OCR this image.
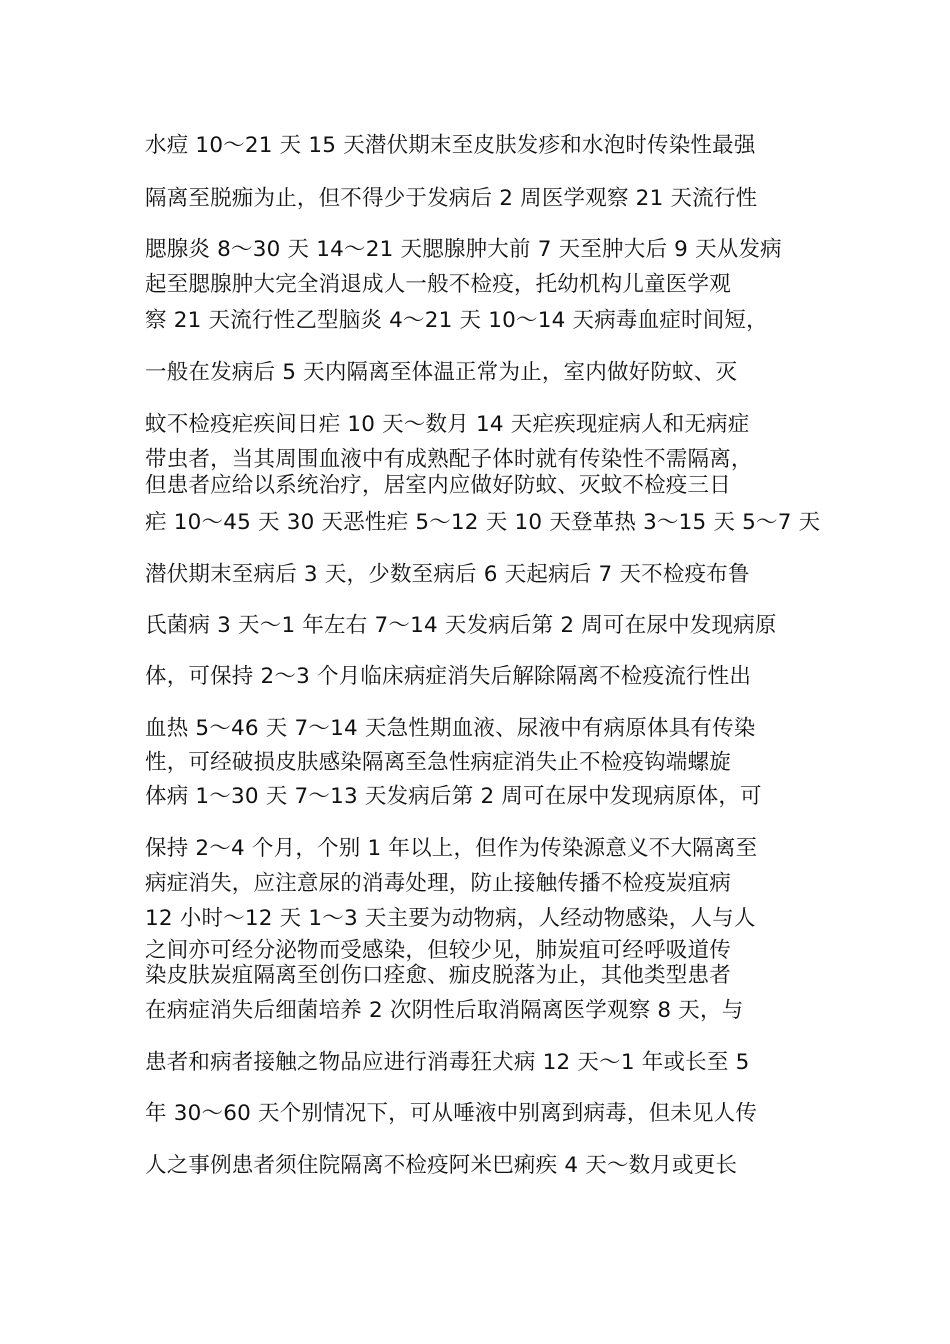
水痘 10～21 天 15 天潜伏期末至皮肤发疹和水泡时传染性最强
隔离至脱痂为止，但不得少于发病后 2 周医学观察 21 天流行性
腮腺炎 8～30 天 14～21 天腮腺肿大前 7 天至肿大后 9 天从发病
起至腮腺肿大完全消退成人一般不检疫，托幼机构儿童医学观
察 21 天流行性乙型脑炎 4～21 天 10～14 天病毒血症时间短，
一般在发病后 5 天内隔离至体温正常为止，室内做好防蚊、灭
蚊不检疫疟疾间日疟 10 天～数月 14 天疟疾现症病人和无病症
带虫者，当其周围血液中有成熟配子体时就有传染性不需隔离，
但患者应给以系统治疗，居室内应做好防蚊、灭蚊不检疫三日
疟 10～45 天 30 天恶性疟 5～12 天 10 天登革热 3～15 天 5～7 天
潜伏期末至病后 3 天，少数至病后 6 天起病后 7 天不检疫布鲁
氏菌病 3 天～1 年左右 7～14 天发病后第 2 周可在尿中发现病原
体，可保持 2～3 个月临床病症消失后解除隔离不检疫流行性出
血热 5～46 天 7～14 天急性期血液、尿液中有病原体具有传染
性，可经破损皮肤感染隔离至急性病症消失止不检疫钩端螺旋
体病 1～30 天 7～13 天发病后第 2 周可在尿中发现病原体，可
保持 2～4 个月，个别 1 年以上，但作为传染源意义不大隔离至
病症消失，应注意尿的消毒处理，防止接触传播不检疫炭疽病
12 小时～12 天 1～3 天主要为动物病，人经动物感染，人与人
之间亦可经分泌物而受感染，但较少见，肺炭疽可经呼吸道传
染皮肤炭疽隔离至创伤口痊愈、痂皮脱落为止，其他类型患者
在病症消失后细菌培养 2 次阴性后取消隔离医学观察 8 天，与
患者和病者接触之物品应进行消毒狂犬病 12 天～1 年或长至 5
年 30～60 天个别情况下，可从唾液中别离到病毒，但未见人传
人之事例患者须住院隔离不检疫阿米巴痢疾 4 天～数月或更长
